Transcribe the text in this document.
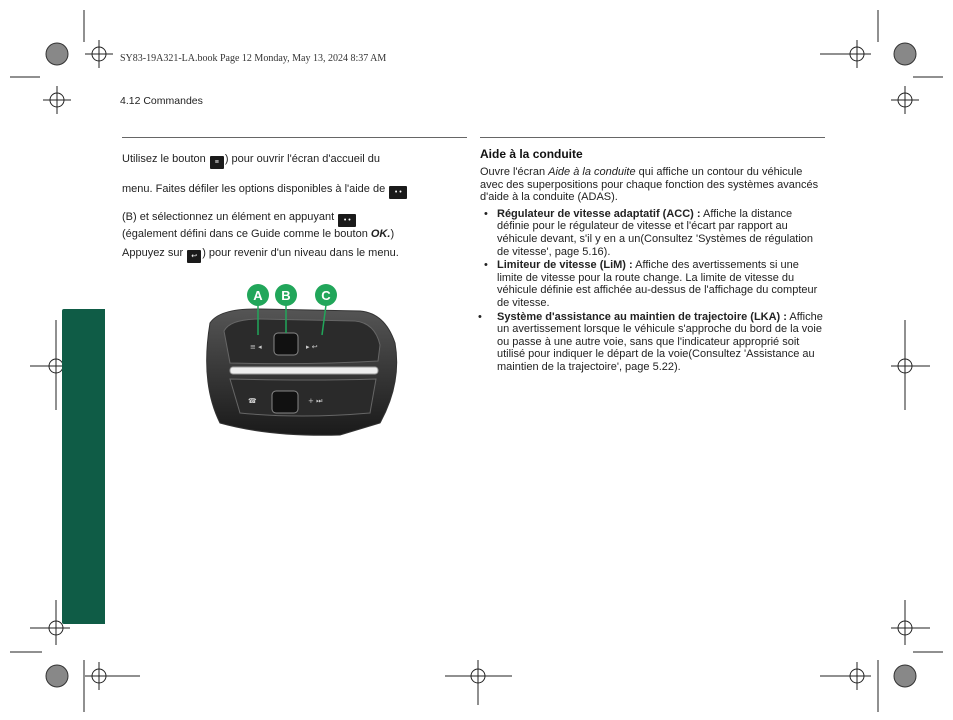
SY83-19A321-LA.book Page 12 Monday, May 13, 2024 8:37 AM
4.12 Commandes
Utilisez le bouton ≡ ) pour ouvrir l'écran d'accueil du
menu. Faites défiler les options disponibles à l'aide de • •
(B) et sélectionnez un élément en appuyant • •
(également défini dans ce Guide comme le bouton OK.)
Appuyez sur ↩ ) pour revenir d'un niveau dans le menu.
≡ ◂	▸ ↩
☎	+ ⏭
A B C
Aide à la conduite

Ouvre l'écran Aide à la conduite qui affiche un contour du véhicule avec des superpositions pour chaque fonction des systèmes avancés d'aide à la conduite (ADAS).

• Régulateur de vitesse adaptatif (ACC) : Affiche la distance définie pour le régulateur de vitesse et l'écart par rapport au véhicule devant, s'il y en a un(Consultez 'Systèmes de régulation de vitesse', page 5.16).
• Limiteur de vitesse (LiM) : Affiche des avertissements si une limite de vitesse pour la route change. La limite de vitesse du véhicule définie est affichée au-dessus de l'affichage du compteur de vitesse.
• Système d'assistance au maintien de trajectoire (LKA) : Affiche un avertissement lorsque le véhicule s'approche du bord de la voie ou passe à une autre voie, sans que l'indicateur approprié soit utilisé pour indiquer le départ de la voie(Consultez 'Assistance au maintien de la trajectoire', page 5.22).
